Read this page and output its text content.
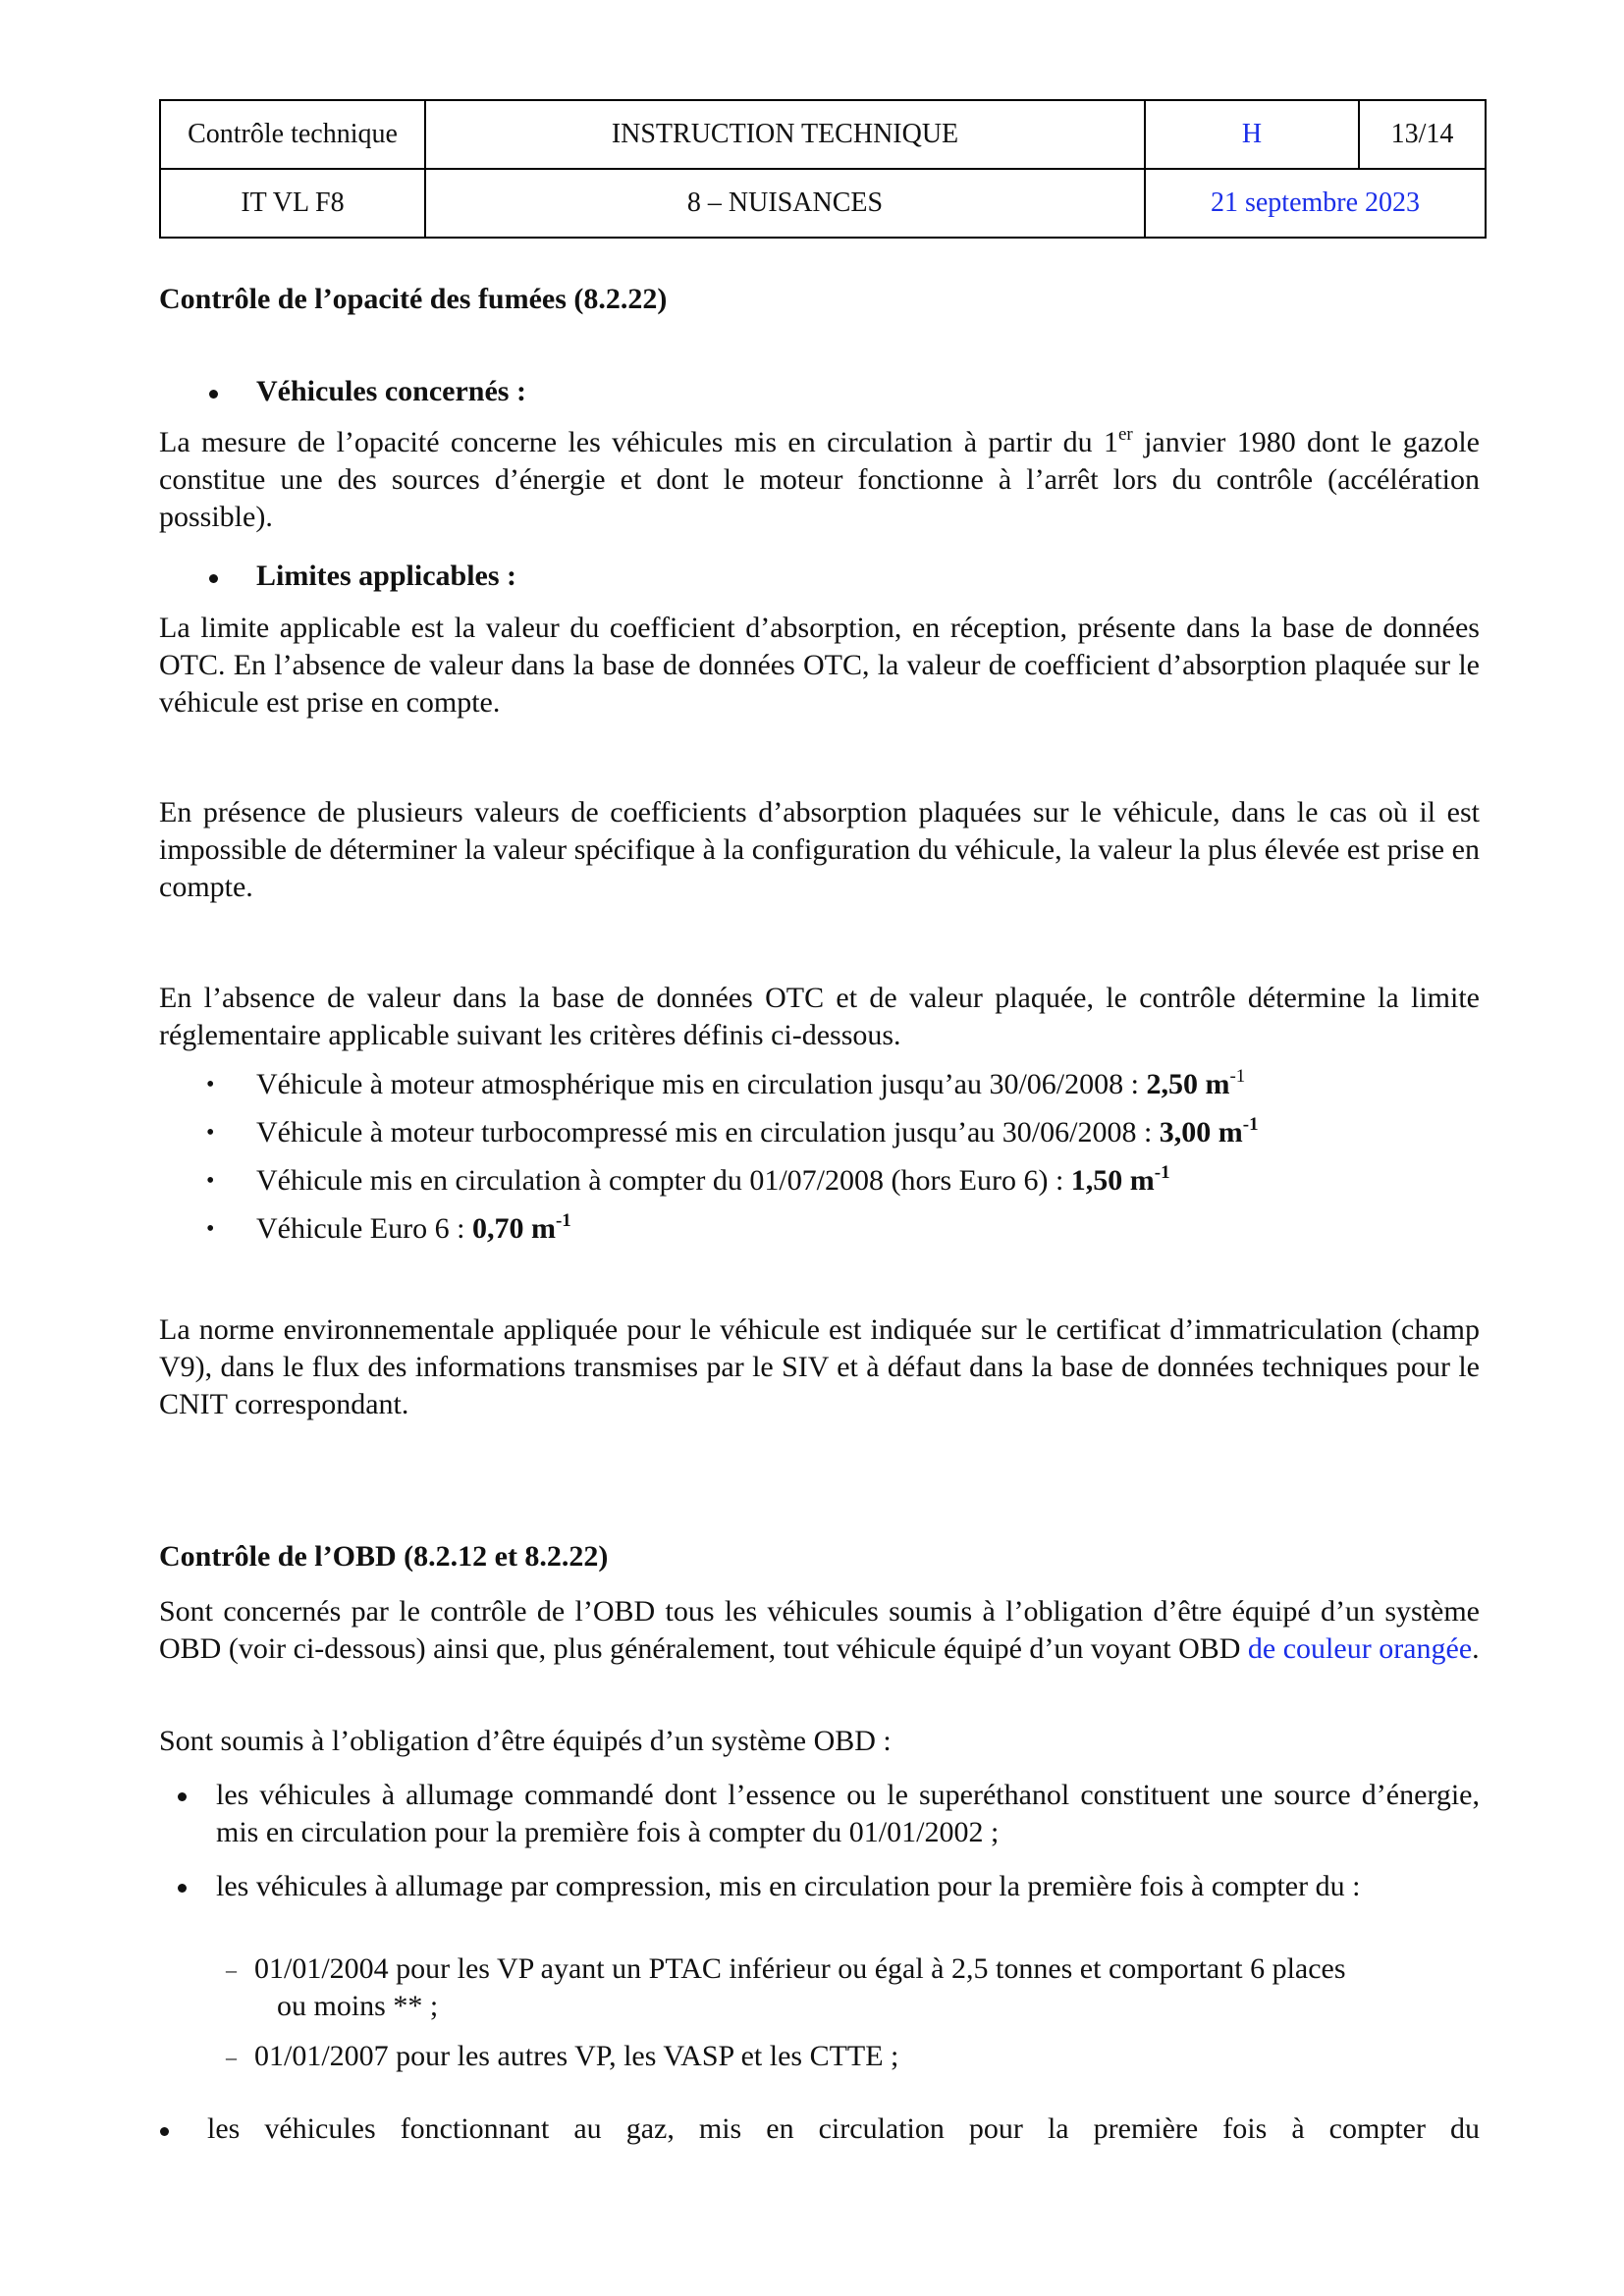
Contrôle technique	INSTRUCTION TECHNIQUE	H	13/14
IT VL F8	8 – NUISANCES	21 septembre 2023	
Contrôle de l’opacité des fumées (8.2.22)
Véhicules concernés :
La mesure de l’opacité concerne les véhicules mis en circulation à partir du 1er janvier 1980 dont le gazole constitue une des sources d’énergie et dont le moteur fonctionne à l’arrêt lors du contrôle (accélération possible).
Limites applicables :
La limite applicable est la valeur du coefficient d’absorption, en réception, présente dans la base de données OTC. En l’absence de valeur dans la base de données OTC, la valeur de coefficient d’absorption plaquée sur le véhicule est prise en compte.
En présence de plusieurs valeurs de coefficients d’absorption plaquées sur le véhicule, dans le cas où il est impossible de déterminer la valeur spécifique à la configuration du véhicule, la valeur la plus élevée est prise en compte.
En l’absence de valeur dans la base de données OTC et de valeur plaquée, le contrôle détermine la limite réglementaire applicable suivant les critères définis ci-dessous.
• Véhicule à moteur atmosphérique mis en circulation jusqu’au 30/06/2008 : 2,50 $m^{-1}$
• Véhicule à moteur turbocompressé mis en circulation jusqu’au 30/06/2008 : 3,00 $m^{-1}$
• Véhicule mis en circulation à compter du 01/07/2008 (hors Euro 6) : 1,50 $m^{-1}$
• Véhicule Euro 6 : 0,70 $m^{-1}$
La norme environnementale appliquée pour le véhicule est indiquée sur le certificat d’immatriculation (champ V9), dans le flux des informations transmises par le SIV et à défaut dans la base de données techniques pour le CNIT correspondant.
Contrôle de l’OBD (8.2.12 et 8.2.22)
Sont concernés par le contrôle de l’OBD tous les véhicules soumis à l’obligation d’être équipé d’un système OBD (voir ci-dessous) ainsi que, plus généralement, tout véhicule équipé d’un voyant OBD de couleur orangée.
Sont soumis à l’obligation d’être équipés d’un système OBD :
les véhicules à allumage commandé dont l’essence ou le superéthanol constituent une source d’énergie, mis en circulation pour la première fois à compter du 01/01/2002 ;
les véhicules à allumage par compression, mis en circulation pour la première fois à compter du :
– 01/01/2004 pour les VP ayant un PTAC inférieur ou égal à 2,5 tonnes et comportant 6 places
ou moins ** ;
– 01/01/2007 pour les autres VP, les VASP et les CTTE ;
les véhicules fonctionnant au gaz, mis en circulation pour la première fois à compter du
